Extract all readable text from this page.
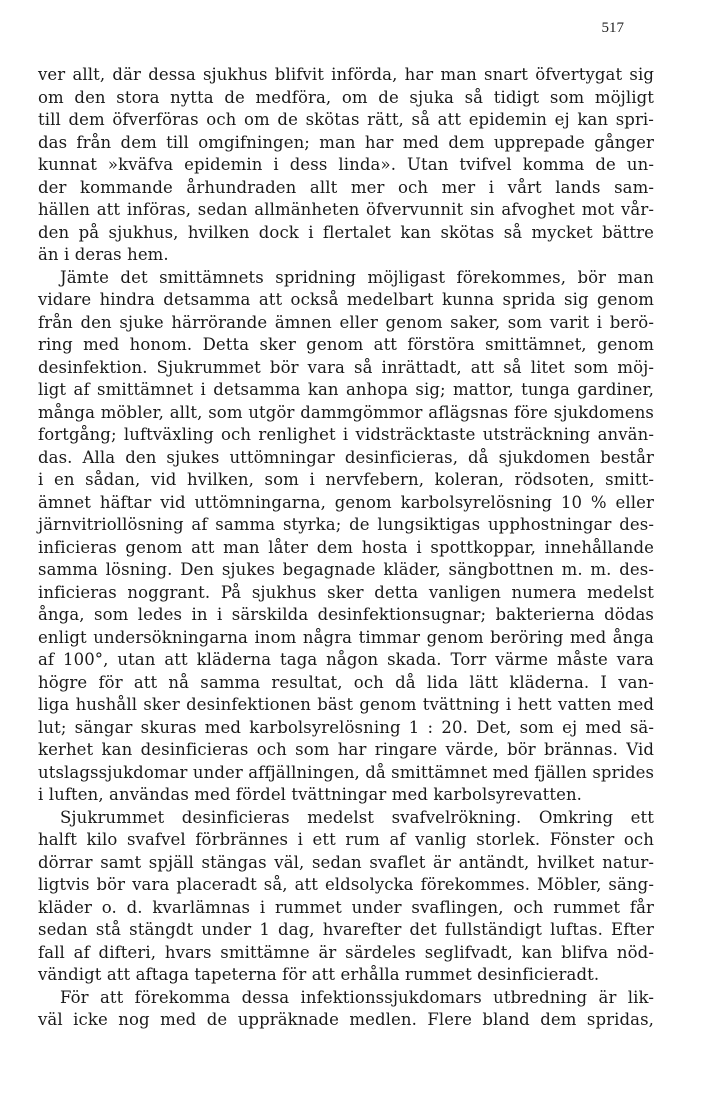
517
ver allt, där dessa sjukhus blifvit införda, har man snart öfvertygat sig
om den stora nytta de medföra, om de sjuka så tidigt som möjligt
till dem öfverföras och om de skötas rätt, så att epidemin ej kan spri-
das från dem till omgifningen; man har med dem upprepade gånger
kunnat »kväfva epidemin i dess linda». Utan tvifvel komma de un-
der kommande århundraden allt mer och mer i vårt lands sam-
hällen att införas, sedan allmänheten öfvervunnit sin afvoghet mot vår-
den på sjukhus, hvilken dock i flertalet kan skötas så mycket bättre
än i deras hem.
Jämte det smittämnets spridning möjligast förekommes, bör man
vidare hindra detsamma att också medelbart kunna sprida sig genom
från den sjuke härrörande ämnen eller genom saker, som varit i berö-
ring med honom. Detta sker genom att förstöra smittämnet, genom
desinfektion. Sjukrummet bör vara så inrättadt, att så litet som möj-
ligt af smittämnet i detsamma kan anhopa sig; mattor, tunga gardiner,
många möbler, allt, som utgör dammgömmor aflägsnas före sjukdomens
fortgång; luftväxling och renlighet i vidsträcktaste utsträckning använ-
das. Alla den sjukes uttömningar desinficieras, då sjukdomen består
i en sådan, vid hvilken, som i nervfebern, koleran, rödsoten, smitt-
ämnet häftar vid uttömningarna, genom karbolsyrelösning 10 % eller
järnvitriollösning af samma styrka; de lungsiktigas upphostningar des-
inficieras genom att man låter dem hosta i spottkoppar, innehållande
samma lösning. Den sjukes begagnade kläder, sängbottnen m. m. des-
inficieras noggrant. På sjukhus sker detta vanligen numera medelst
ånga, som ledes in i särskilda desinfektionsugnar; bakterierna dödas
enligt undersökningarna inom några timmar genom beröring med ånga
af 100°, utan att kläderna taga någon skada. Torr värme måste vara
högre för att nå samma resultat, och då lida lätt kläderna. I van-
liga hushåll sker desinfektionen bäst genom tvättning i hett vatten med
lut; sängar skuras med karbolsyrelösning 1 : 20. Det, som ej med sä-
kerhet kan desinficieras och som har ringare värde, bör brännas. Vid
utslagssjukdomar under affjällningen, då smittämnet med fjällen sprides
i luften, användas med fördel tvättningar med karbolsyrevatten.
Sjukrummet desinficieras medelst svafvelrökning. Omkring ett
halft kilo svafvel förbrännes i ett rum af vanlig storlek. Fönster och
dörrar samt spjäll stängas väl, sedan svaflet är antändt, hvilket natur-
ligtvis bör vara placeradt så, att eldsolycka förekommes. Möbler, säng-
kläder o. d. kvarlämnas i rummet under svaflingen, och rummet får
sedan stå stängdt under 1 dag, hvarefter det fullständigt luftas. Efter
fall af difteri, hvars smittämne är särdeles seglifvadt, kan blifva nöd-
vändigt att aftaga tapeterna för att erhålla rummet desinficieradt.
För att förekomma dessa infektionssjukdomars utbredning är lik-
väl icke nog med de uppräknade medlen. Flere bland dem spridas,
